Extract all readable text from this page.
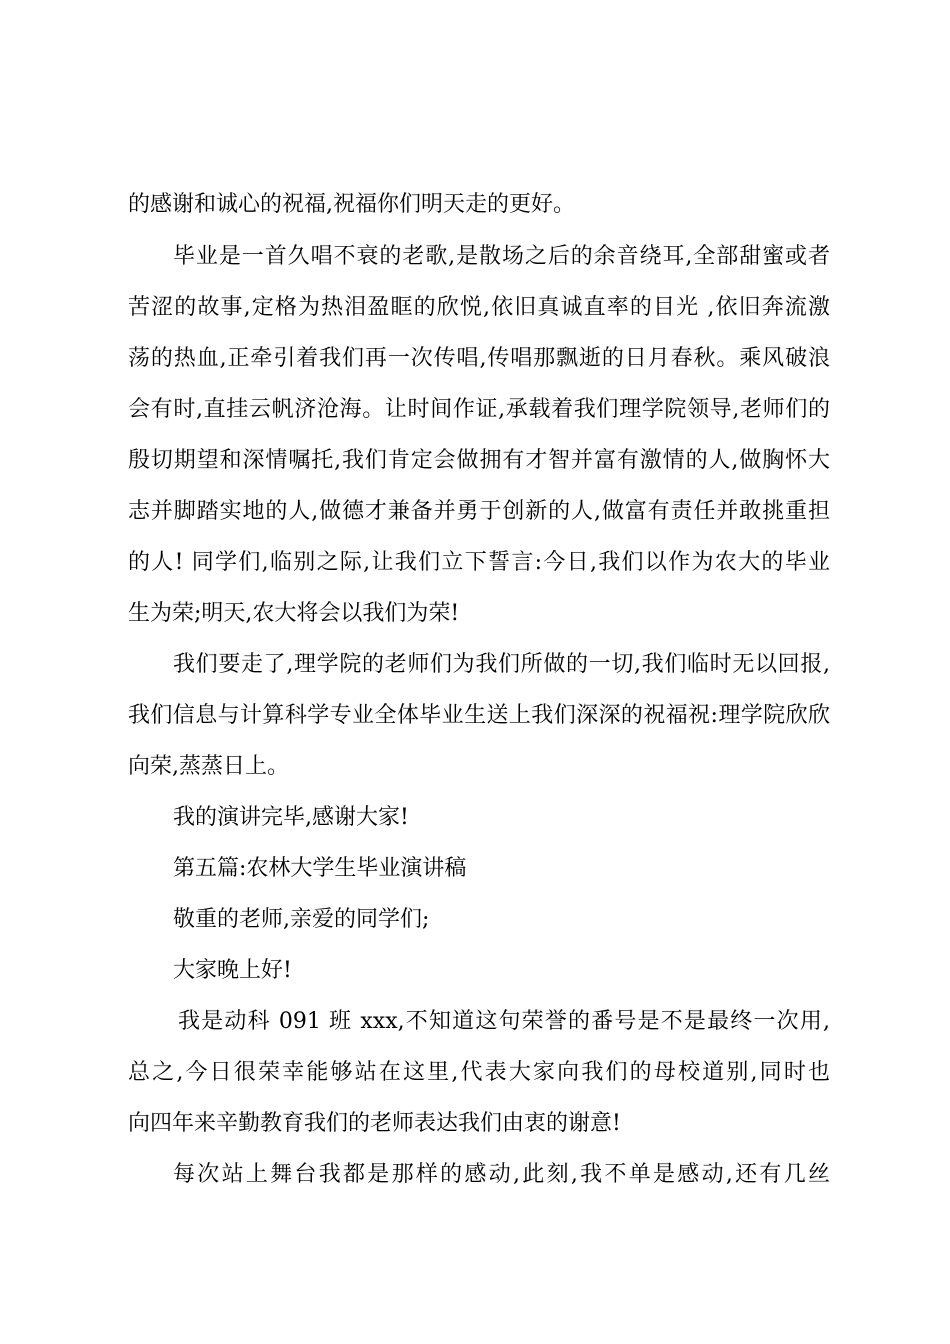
的感谢和诚心的祝福,祝福你们明天走的更好。
毕业是一首久唱不衰的老歌,是散场之后的余音绕耳,全部甜蜜或者
苦涩的故事,定格为热泪盈眶的欣悦,依旧真诚直率的目光 ,依旧奔流激
荡的热血,正牵引着我们再一次传唱,传唱那飘逝的日月春秋。乘风破浪
会有时,直挂云帆济沧海。让时间作证,承载着我们理学院领导,老师们的
殷切期望和深情嘱托,我们肯定会做拥有才智并富有激情的人,做胸怀大
志并脚踏实地的人,做德才兼备并勇于创新的人,做富有责任并敢挑重担
的人! 同学们,临别之际,让我们立下誓言:今日,我们以作为农大的毕业
生为荣;明天,农大将会以我们为荣!
我们要走了,理学院的老师们为我们所做的一切,我们临时无以回报,
我们信息与计算科学专业全体毕业生送上我们深深的祝福祝:理学院欣欣
向荣,蒸蒸日上。
我的演讲完毕,感谢大家!
第五篇:农林大学生毕业演讲稿
敬重的老师,亲爱的同学们;
大家晚上好!
我是动科 091 班 xxx,不知道这句荣誉的番号是不是最终一次用,
总之,今日很荣幸能够站在这里,代表大家向我们的母校道别,同时也
向四年来辛勤教育我们的老师表达我们由衷的谢意!
每次站上舞台我都是那样的感动,此刻,我不单是感动,还有几丝
